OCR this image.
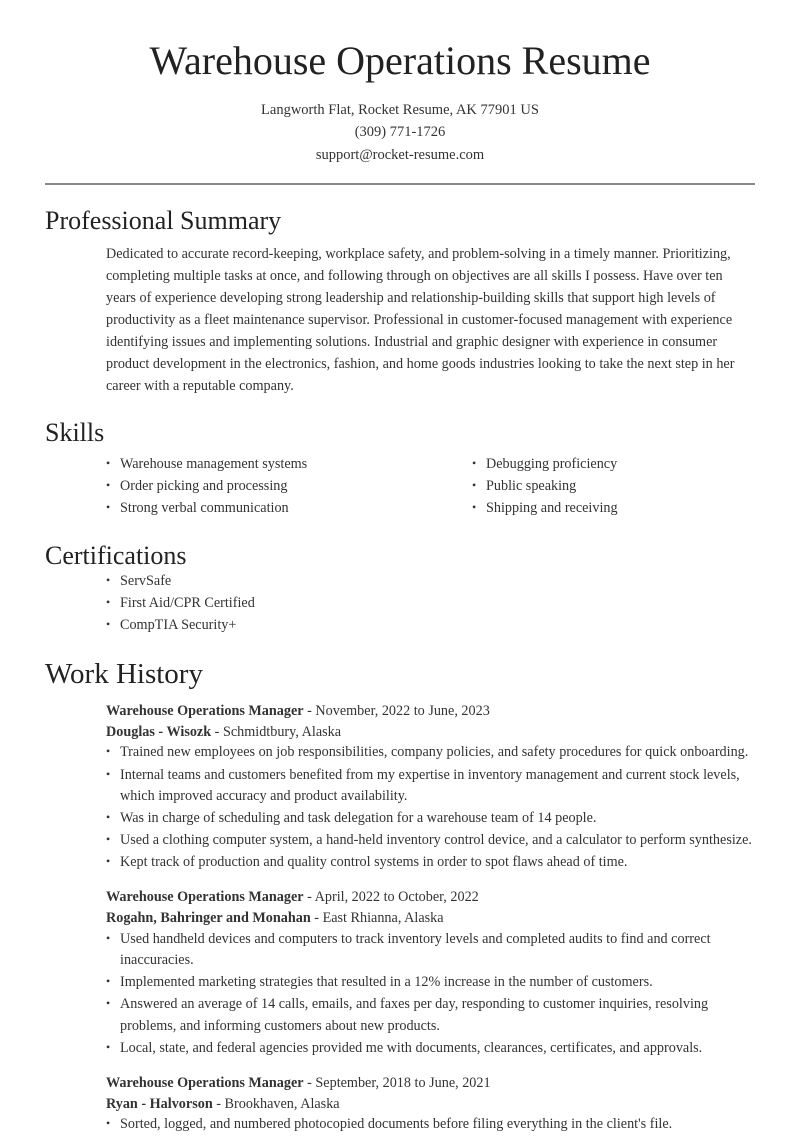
Warehouse Operations Resume
Langworth Flat, Rocket Resume, AK 77901 US
(309) 771-1726
support@rocket-resume.com
Professional Summary

Dedicated to accurate record-keeping, workplace safety, and problem-solving in a timely manner. Prioritizing, completing multiple tasks at once, and following through on objectives are all skills I possess. Have over ten years of experience developing strong leadership and relationship-building skills that support high levels of productivity as a fleet maintenance supervisor. Professional in customer-focused management with experience identifying issues and implementing solutions. Industrial and graphic designer with experience in consumer product development in the electronics, fashion, and home goods industries looking to take the next step in her career with a reputable company.

Skills
• Warehouse management systems
• Order picking and processing
• Strong verbal communication
• Debugging proficiency
• Public speaking
• Shipping and receiving
Certifications
• ServSafe
• First Aid/CPR Certified
• CompTIA Security+
Work History
Warehouse Operations Manager - November, 2022 to June, 2023
Douglas - Wisozk - Schmidtbury, Alaska
• Trained new employees on job responsibilities, company policies, and safety procedures for quick onboarding.
• Internal teams and customers benefited from my expertise in inventory management and current stock levels, which improved accuracy and product availability.
• Was in charge of scheduling and task delegation for a warehouse team of 14 people.
• Used a clothing computer system, a hand-held inventory control device, and a calculator to perform synthesize.
• Kept track of production and quality control systems in order to spot flaws ahead of time.
Warehouse Operations Manager - April, 2022 to October, 2022
Rogahn, Bahringer and Monahan - East Rhianna, Alaska
• Used handheld devices and computers to track inventory levels and completed audits to find and correct inaccuracies.
• Implemented marketing strategies that resulted in a 12% increase in the number of customers.
• Answered an average of 14 calls, emails, and faxes per day, responding to customer inquiries, resolving problems, and informing customers about new products.
• Local, state, and federal agencies provided me with documents, clearances, certificates, and approvals.
Warehouse Operations Manager - September, 2018 to June, 2021
Ryan - Halvorson - Brookhaven, Alaska
• Sorted, logged, and numbered photocopied documents before filing everything in the client's file.
